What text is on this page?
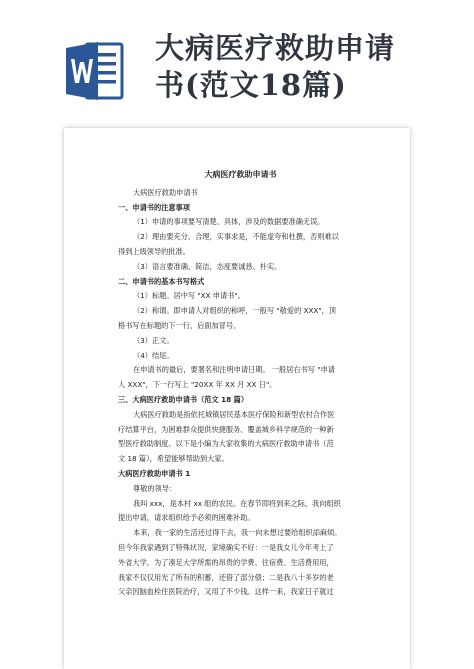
大病医疗救助申请
书(范文18篇)
大病医疗救助申请书
大病医疗救助申请书
一、申请书的注意事项
（1）申请的事项要写清楚、具体，涉及的数据要准确无误。
（2）理由要充分、合理，实事求是，不能虚夸和杜撰，否则难以
得到上级领导的批准。
（3）语言要准确、简洁，态度要诚恳、朴实。
二、申请书的基本书写格式
（1）标题。居中写 "XX 申请书"。
（2）称谓。即申请人对组织的称呼，一般写 "敬爱的 XXX"，顶
格书写在标题的下一行，后面加冒号。
（3）正文。
（4）结尾。
在申请书的最后，要署名和注明申请日期。 一般居右书写 "申请
人 XXX"，下一行写上 "20XX 年 XX 月 XX 日"。
三、大病医疗救助申请书（范文 18 篇）
大病医疗救助是指依托城镇居民基本医疗保险和新型农村合作医
疗结算平台，为困难群众提供快捷服务、覆盖城乡科学规范的一种新
型医疗救助制度。以下是小编为大家收集的大病医疗救助申请书（范
文 18 篇），希望能够帮助到大家。
大病医疗救助申请书 1
尊敬的领导：
我叫 xxx，是本村 xx 组的农民。在春节即将到来之际，我向组织
提出申请，请求组织给予必须的困难补助。
本来，我一家的生活还过得下去，我一向未想过要给组织添麻烦。
但今年我家遇到了特殊状况，家境确实不好：一是我女儿今年考上了
外省大学，为了凑足大学所需的昂贵的学费、住宿费、生活费用用，
我家不仅仅用光了所有的积蓄，还借了部分债；二是我八十多岁的老
父亲因脑血栓住医院治疗，又用了不少钱。这样一来，我家日子就过
